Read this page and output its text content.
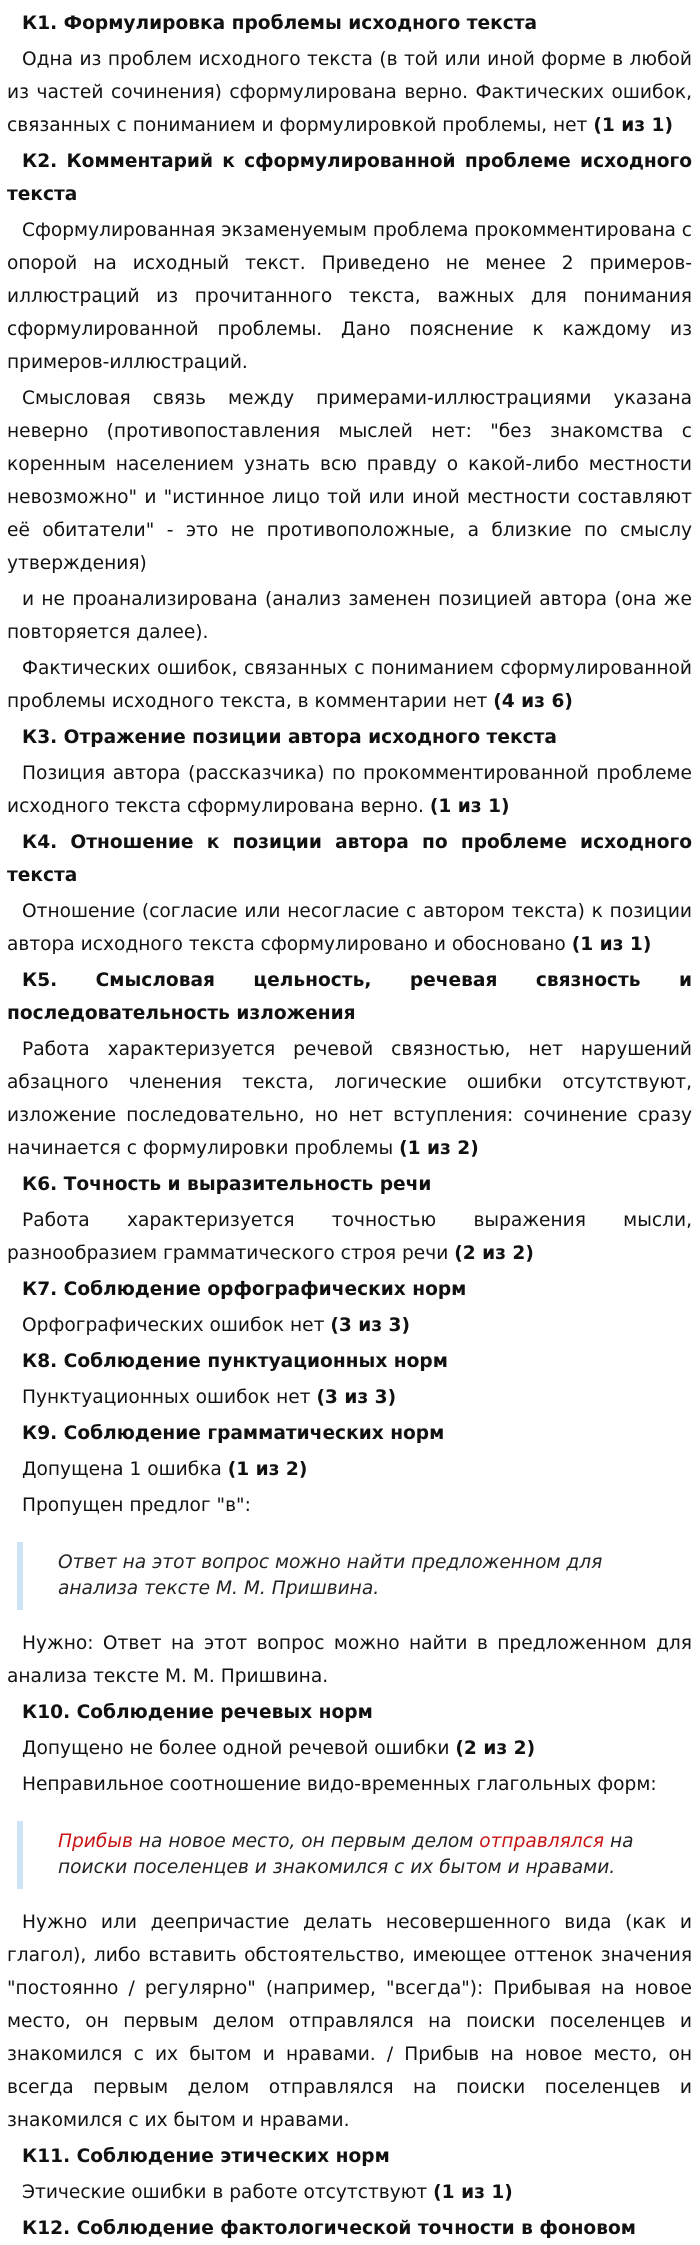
К1. Формулировка проблемы исходного текста

Одна из проблем исходного текста (в той или иной форме в любой из частей сочинения) сформулирована верно. Фактических ошибок, связанных с пониманием и формулировкой проблемы, нет (1 из 1)

К2. Комментарий к сформулированной проблеме исходного текста

Сформулированная экзаменуемым проблема прокомментирована с опорой на исходный текст. Приведено не менее 2 примеров-иллюстраций из прочитанного текста, важных для понимания сформулированной проблемы. Дано пояснение к каждому из примеров-иллюстраций.

Смысловая связь между примерами-иллюстрациями указана неверно (противопоставления мыслей нет: "без знакомства с коренным населением узнать всю правду о какой-либо местности невозможно" и "истинное лицо той или иной местности составляют её обитатели" - это не противоположные, а близкие по смыслу утверждения)

и не проанализирована (анализ заменен позицией автора (она же повторяется далее).

Фактических ошибок, связанных с пониманием сформулированной проблемы исходного текста, в комментарии нет (4 из 6)

К3. Отражение позиции автора исходного текста

Позиция автора (рассказчика) по прокомментированной проблеме исходного текста сформулирована верно. (1 из 1)

К4. Отношение к позиции автора по проблеме исходного текста

Отношение (согласие или несогласие с автором текста) к позиции автора исходного текста сформулировано и обосновано (1 из 1)

К5. Смысловая цельность, речевая связность и последовательность изложения

Работа характеризуется речевой связностью, нет нарушений абзацного членения текста, логические ошибки отсутствуют, изложение последовательно, но нет вступления: сочинение сразу начинается с формулировки проблемы (1 из 2)

К6. Точность и выразительность речи

Работа характеризуется точностью выражения мысли, разнообразием грамматического строя речи (2 из 2)

К7. Соблюдение орфографических норм

Орфографических ошибок нет (3 из 3)

К8. Соблюдение пунктуационных норм

Пунктуационных ошибок нет (3 из 3)

К9. Соблюдение грамматических норм

Допущена 1 ошибка (1 из 2)

Пропущен предлог "в":

Ответ на этот вопрос можно найти предложенном для анализа тексте М. М. Пришвина.

Нужно: Ответ на этот вопрос можно найти в предложенном для анализа тексте М. М. Пришвина.

К10. Соблюдение речевых норм

Допущено не более одной речевой ошибки (2 из 2)

Неправильное соотношение видо-временных глагольных форм:

Прибыв на новое место, он первым делом отправлялся на поиски поселенцев и знакомился с их бытом и нравами.

Нужно или деепричастие делать несовершенного вида (как и глагол), либо вставить обстоятельство, имеющее оттенок значения "постоянно / регулярно" (например, "всегда"): Прибывая на новое место, он первым делом отправлялся на поиски поселенцев и знакомился с их бытом и нравами. / Прибыв на новое место, он всегда первым делом отправлялся на поиски поселенцев и знакомился с их бытом и нравами.

К11. Соблюдение этических норм

Этические ошибки в работе отсутствуют (1 из 1)

К12. Соблюдение фактологической точности в фоновом
